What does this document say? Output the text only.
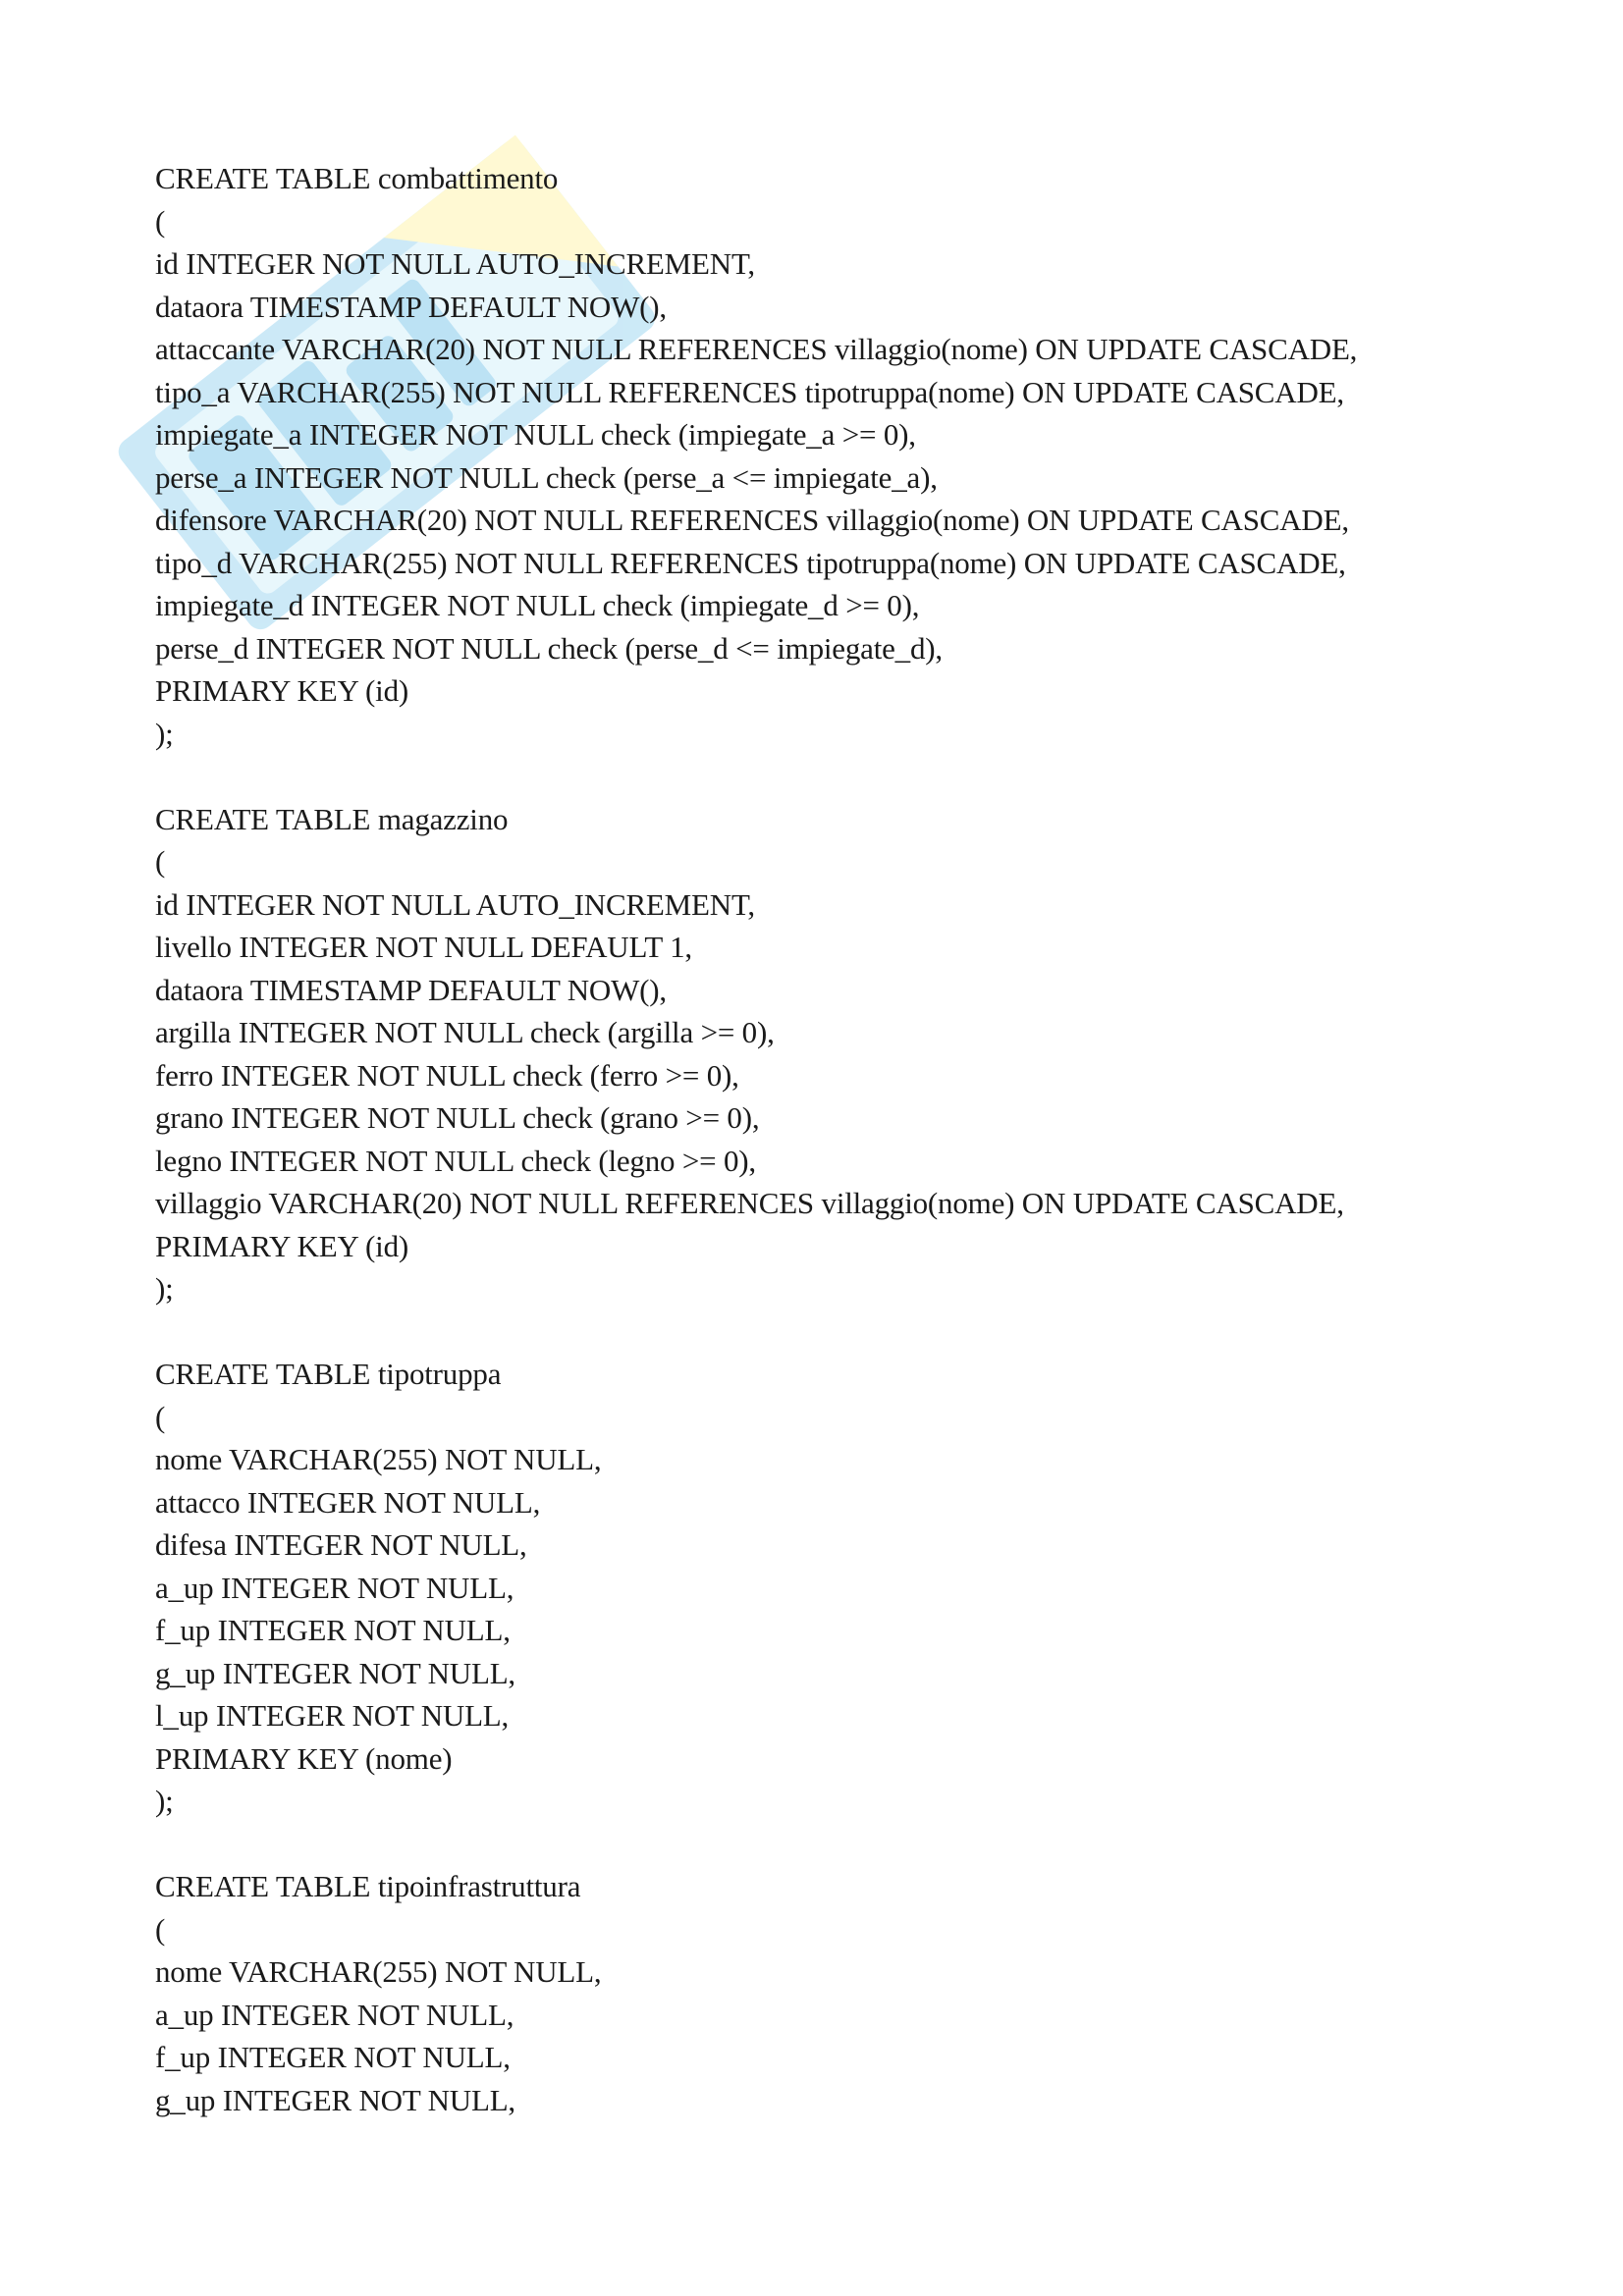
CREATE TABLE combattimento
(
id INTEGER NOT NULL AUTO_INCREMENT,
dataora TIMESTAMP DEFAULT NOW(),
attaccante VARCHAR(20) NOT NULL REFERENCES villaggio(nome) ON UPDATE CASCADE,
tipo_a VARCHAR(255) NOT NULL REFERENCES tipotruppa(nome) ON UPDATE CASCADE,
impiegate_a INTEGER NOT NULL check (impiegate_a >= 0),
perse_a INTEGER NOT NULL check (perse_a <= impiegate_a),
difensore VARCHAR(20) NOT NULL REFERENCES villaggio(nome) ON UPDATE CASCADE,
tipo_d VARCHAR(255) NOT NULL REFERENCES tipotruppa(nome) ON UPDATE CASCADE,
impiegate_d INTEGER NOT NULL check (impiegate_d >= 0),
perse_d INTEGER NOT NULL check (perse_d <= impiegate_d),
PRIMARY KEY (id)
);
CREATE TABLE magazzino
(
id INTEGER NOT NULL AUTO_INCREMENT,
livello INTEGER NOT NULL DEFAULT 1,
dataora TIMESTAMP DEFAULT NOW(),
argilla INTEGER NOT NULL check (argilla >= 0),
ferro INTEGER NOT NULL check (ferro >= 0),
grano INTEGER NOT NULL check (grano >= 0),
legno INTEGER NOT NULL check (legno >= 0),
villaggio VARCHAR(20) NOT NULL REFERENCES villaggio(nome) ON UPDATE CASCADE,
PRIMARY KEY (id)
);
CREATE TABLE tipotruppa
(
nome VARCHAR(255) NOT NULL,
attacco INTEGER NOT NULL,
difesa INTEGER NOT NULL,
a_up INTEGER NOT NULL,
f_up INTEGER NOT NULL,
g_up INTEGER NOT NULL,
l_up INTEGER NOT NULL,
PRIMARY KEY (nome)
);
CREATE TABLE tipoinfrastruttura
(
nome VARCHAR(255) NOT NULL,
a_up INTEGER NOT NULL,
f_up INTEGER NOT NULL,
g_up INTEGER NOT NULL,
